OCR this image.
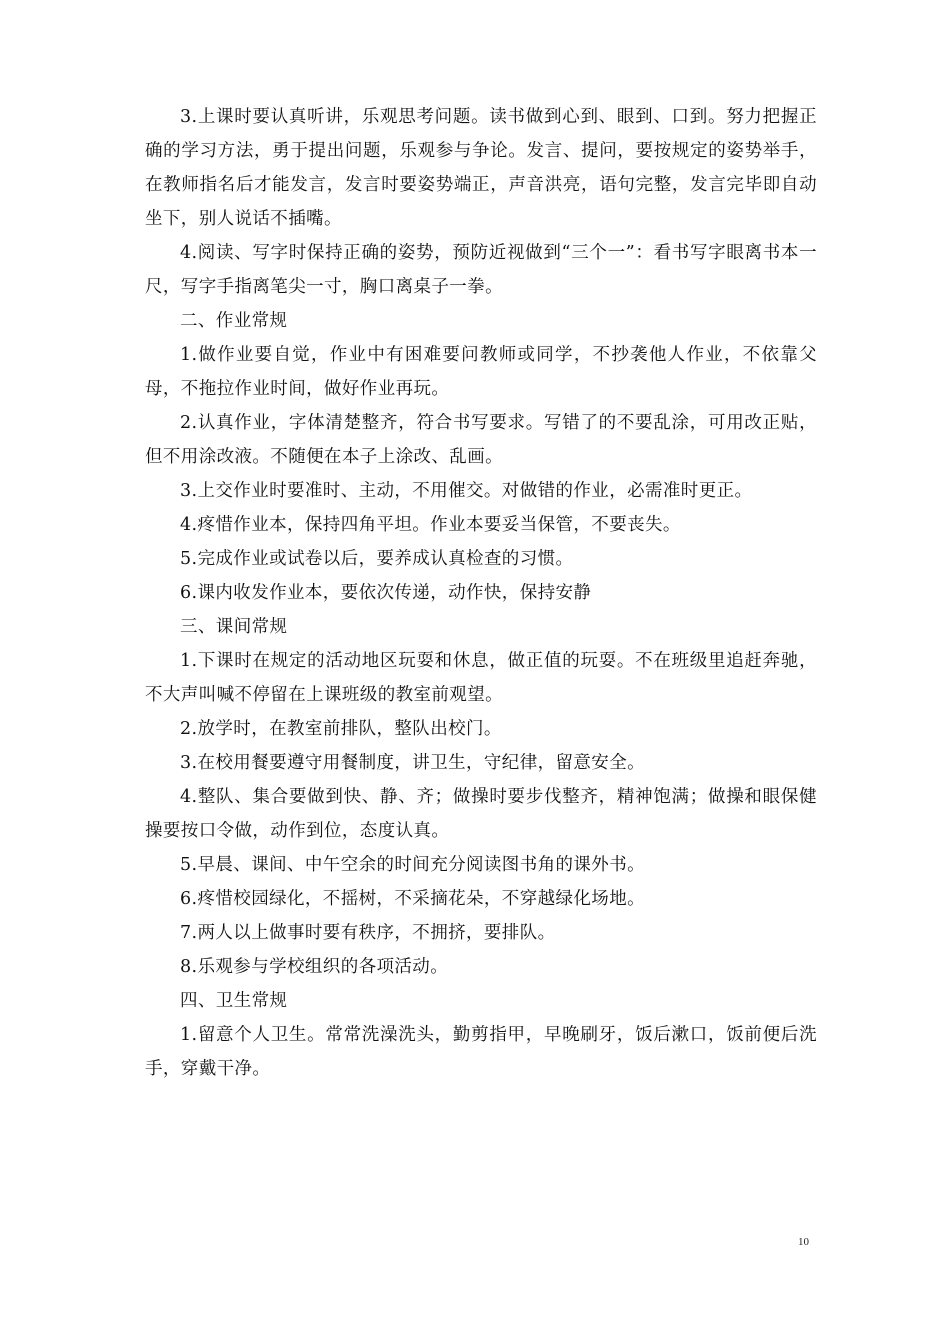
3.上课时要认真听讲，乐观思考问题。读书做到心到、眼到、口到。努力把握正确的学习方法，勇于提出问题，乐观参与争论。发言、提问，要按规定的姿势举手，在教师指名后才能发言，发言时要姿势端正，声音洪亮，语句完整，发言完毕即自动坐下，别人说话不插嘴。

4.阅读、写字时保持正确的姿势，预防近视做到“三个一”：看书写字眼离书本一尺，写字手指离笔尖一寸，胸口离桌子一拳。

二、作业常规

1.做作业要自觉，作业中有困难要问教师或同学，不抄袭他人作业，不依靠父母，不拖拉作业时间，做好作业再玩。

2.认真作业，字体清楚整齐，符合书写要求。写错了的不要乱涂，可用改正贴，但不用涂改液。不随便在本子上涂改、乱画。

3.上交作业时要准时、主动，不用催交。对做错的作业，必需准时更正。

4.疼惜作业本，保持四角平坦。作业本要妥当保管，不要丧失。

5.完成作业或试卷以后，要养成认真检查的习惯。

6.课内收发作业本，要依次传递，动作快，保持安静

三、课间常规

1.下课时在规定的活动地区玩耍和休息，做正值的玩耍。不在班级里追赶奔驰，不大声叫喊不停留在上课班级的教室前观望。

2.放学时，在教室前排队，整队出校门。

3.在校用餐要遵守用餐制度，讲卫生，守纪律，留意安全。

4.整队、集合要做到快、静、齐；做操时要步伐整齐，精神饱满；做操和眼保健操要按口令做，动作到位，态度认真。

5.早晨、课间、中午空余的时间充分阅读图书角的课外书。

6.疼惜校园绿化，不摇树，不采摘花朵，不穿越绿化场地。

7.两人以上做事时要有秩序，不拥挤，要排队。

8.乐观参与学校组织的各项活动。

四、卫生常规

1.留意个人卫生。常常洗澡洗头，勤剪指甲，早晚刷牙，饭后漱口，饭前便后洗手，穿戴干净。

10
